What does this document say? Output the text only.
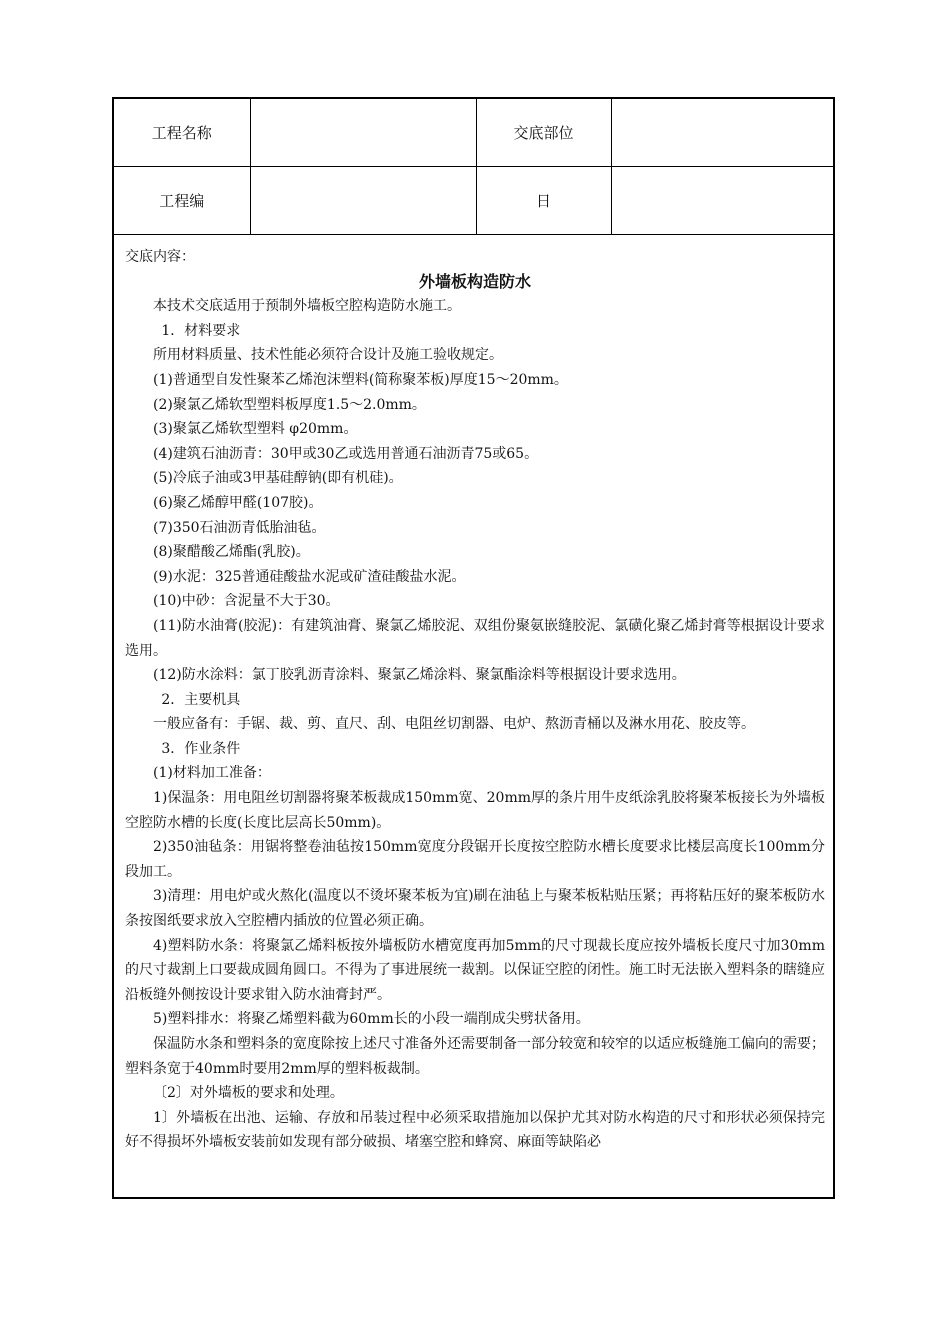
工程名称		交底部位	
工程编		日	
交底内容：
外墙板构造防水

本技术交底适用于预制外墙板空腔构造防水施工。

1．材料要求

所用材料质量、技术性能必须符合设计及施工验收规定。

(1)普通型自发性聚苯乙烯泡沫塑料(简称聚苯板)厚度15～20mm。

(2)聚氯乙烯软型塑料板厚度1.5～2.0mm。

(3)聚氯乙烯软型塑料 φ20mm。

(4)建筑石油沥青：30甲或30乙或选用普通石油沥青75或65。

(5)冷底子油或3甲基硅醇钠(即有机硅)。

(6)聚乙烯醇甲醛(107胶)。

(7)350石油沥青低胎油毡。

(8)聚醋酸乙烯酯(乳胶)。

(9)水泥：325普通硅酸盐水泥或矿渣硅酸盐水泥。

(10)中砂：含泥量不大于30。

(11)防水油膏(胶泥)：有建筑油膏、聚氯乙烯胶泥、双组份聚氨嵌缝胶泥、氯磺化聚乙烯封膏等根据设计要求选用。

(12)防水涂料：氯丁胶乳沥青涂料、聚氯乙烯涂料、聚氯酯涂料等根据设计要求选用。

2．主要机具

一般应备有：手锯、裁、剪、直尺、刮、电阻丝切割器、电炉、熬沥青桶以及淋水用花、胶皮等。

3．作业条件

(1)材料加工准备：

1)保温条：用电阻丝切割器将聚苯板裁成150mm宽、20mm厚的条片用牛皮纸涂乳胶将聚苯板接长为外墙板空腔防水槽的长度(长度比层高长50mm)。

2)350油毡条：用锯将整卷油毡按150mm宽度分段锯开长度按空腔防水槽长度要求比楼层高度长100mm分段加工。

3)清理：用电炉或火熬化(温度以不烫坏聚苯板为宜)刷在油毡上与聚苯板粘贴压紧；再将粘压好的聚苯板防水条按图纸要求放入空腔槽内插放的位置必须正确。

4)塑料防水条：将聚氯乙烯料板按外墙板防水槽宽度再加5mm的尺寸现裁长度应按外墙板长度尺寸加30mm的尺寸裁割上口要裁成圆角圆口。不得为了事进展统一裁割。以保证空腔的闭性。施工时无法嵌入塑料条的瞎缝应沿板缝外侧按设计要求钳入防水油膏封严。

5)塑料排水：将聚乙烯塑料截为60mm长的小段一端削成尖劈状备用。

保温防水条和塑料条的宽度除按上述尺寸准备外还需要制备一部分较宽和较窄的以适应板缝施工偏向的需要；塑料条宽于40mm时要用2mm厚的塑料板裁制。

〔2〕对外墙板的要求和处理。

1〕外墙板在出池、运输、存放和吊装过程中必须采取措施加以保护尤其对防水构造的尺寸和形状必须保持完好不得损坏外墙板安装前如发现有部分破损、堵塞空腔和蜂窝、麻面等缺陷必
